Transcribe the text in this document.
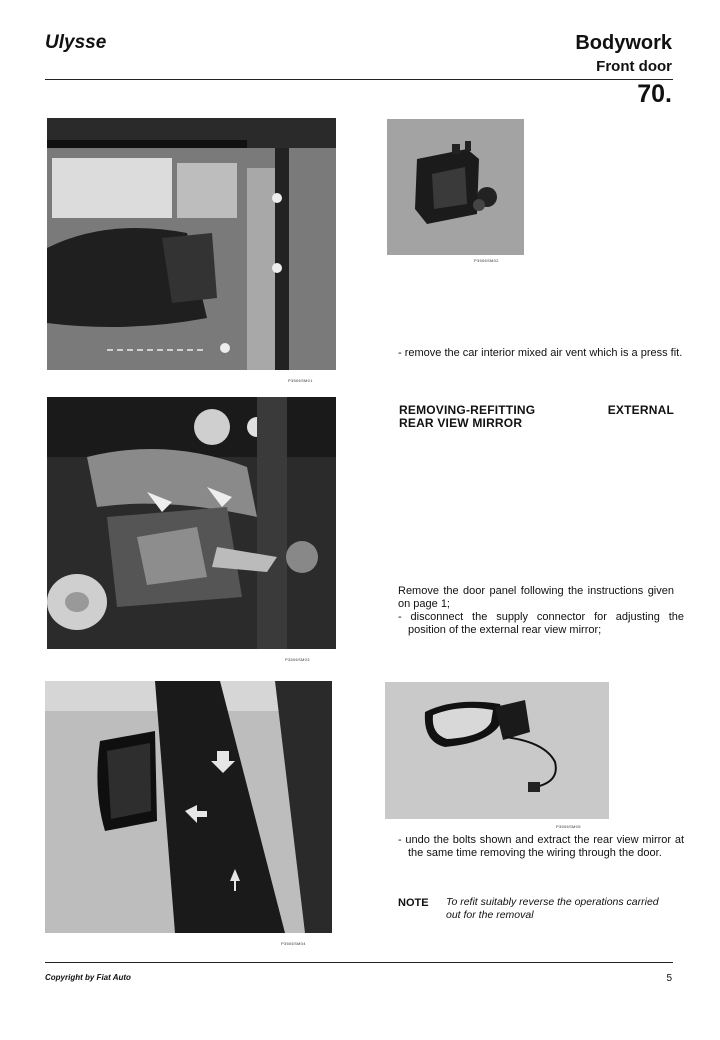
Ulysse	Bodywork
Front door
70.
P3506SM01
P3506SM02
P3506SM03
P3506SM04
P3506SM05
- remove the car interior mixed air vent which is a press fit.
REMOVING-REFITTING	EXTERNAL
REAR VIEW MIRROR
Remove the door panel following the instructions given on page 1;
- disconnect the supply connector for adjusting the position of the external rear view mirror;
- undo the bolts shown and extract the rear view mirror at the same time removing the wiring through the door.
NOTE To refit suitably reverse the operations carried out for the removal
Copyright by Fiat Auto	5
